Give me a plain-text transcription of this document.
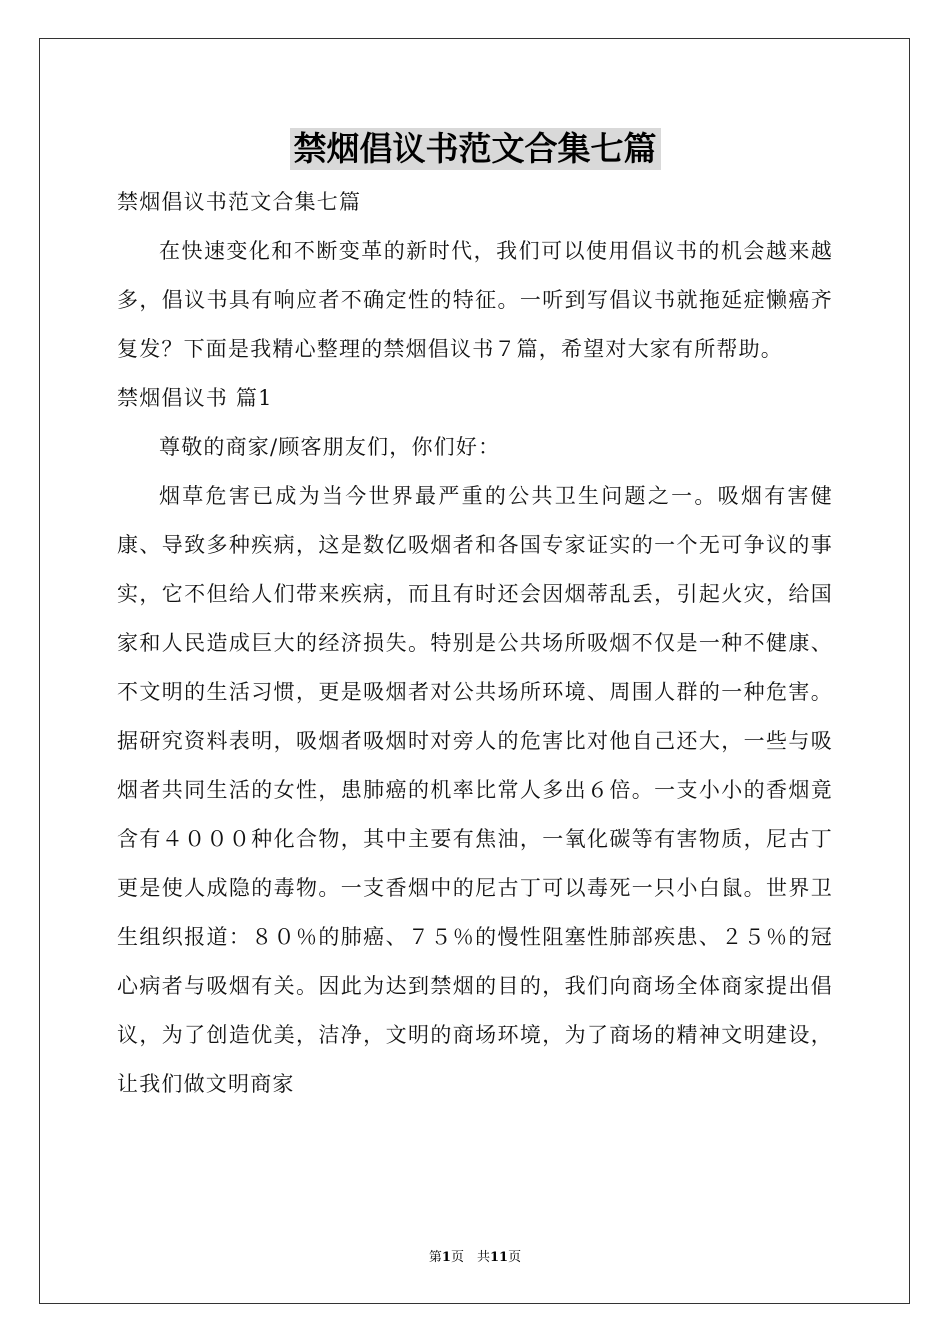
禁烟倡议书范文合集七篇

禁烟倡议书范文合集七篇

在快速变化和不断变革的新时代，我们可以使用倡议书的机会越来越多，倡议书具有响应者不确定性的特征。一听到写倡议书就拖延症懒癌齐复发？下面是我精心整理的禁烟倡议书７篇，希望对大家有所帮助。

禁烟倡议书 篇1

尊敬的商家/顾客朋友们，你们好：

烟草危害已成为当今世界最严重的公共卫生问题之一。吸烟有害健康、导致多种疾病，这是数亿吸烟者和各国专家证实的一个无可争议的事实，它不但给人们带来疾病，而且有时还会因烟蒂乱丢，引起火灾，给国家和人民造成巨大的经济损失。特别是公共场所吸烟不仅是一种不健康、不文明的生活习惯，更是吸烟者对公共场所环境、周围人群的一种危害。据研究资料表明，吸烟者吸烟时对旁人的危害比对他自己还大，一些与吸烟者共同生活的女性，患肺癌的机率比常人多出６倍。一支小小的香烟竟含有４０００种化合物，其中主要有焦油，一氧化碳等有害物质，尼古丁更是使人成隐的毒物。一支香烟中的尼古丁可以毒死一只小白鼠。世界卫生组织报道：８０％的肺癌、７５％的慢性阻塞性肺部疾患、２５％的冠心病者与吸烟有关。因此为达到禁烟的目的，我们向商场全体商家提出倡议，为了创造优美，洁净，文明的商场环境，为了商场的精神文明建设，让我们做文明商家

第1页　共11页
